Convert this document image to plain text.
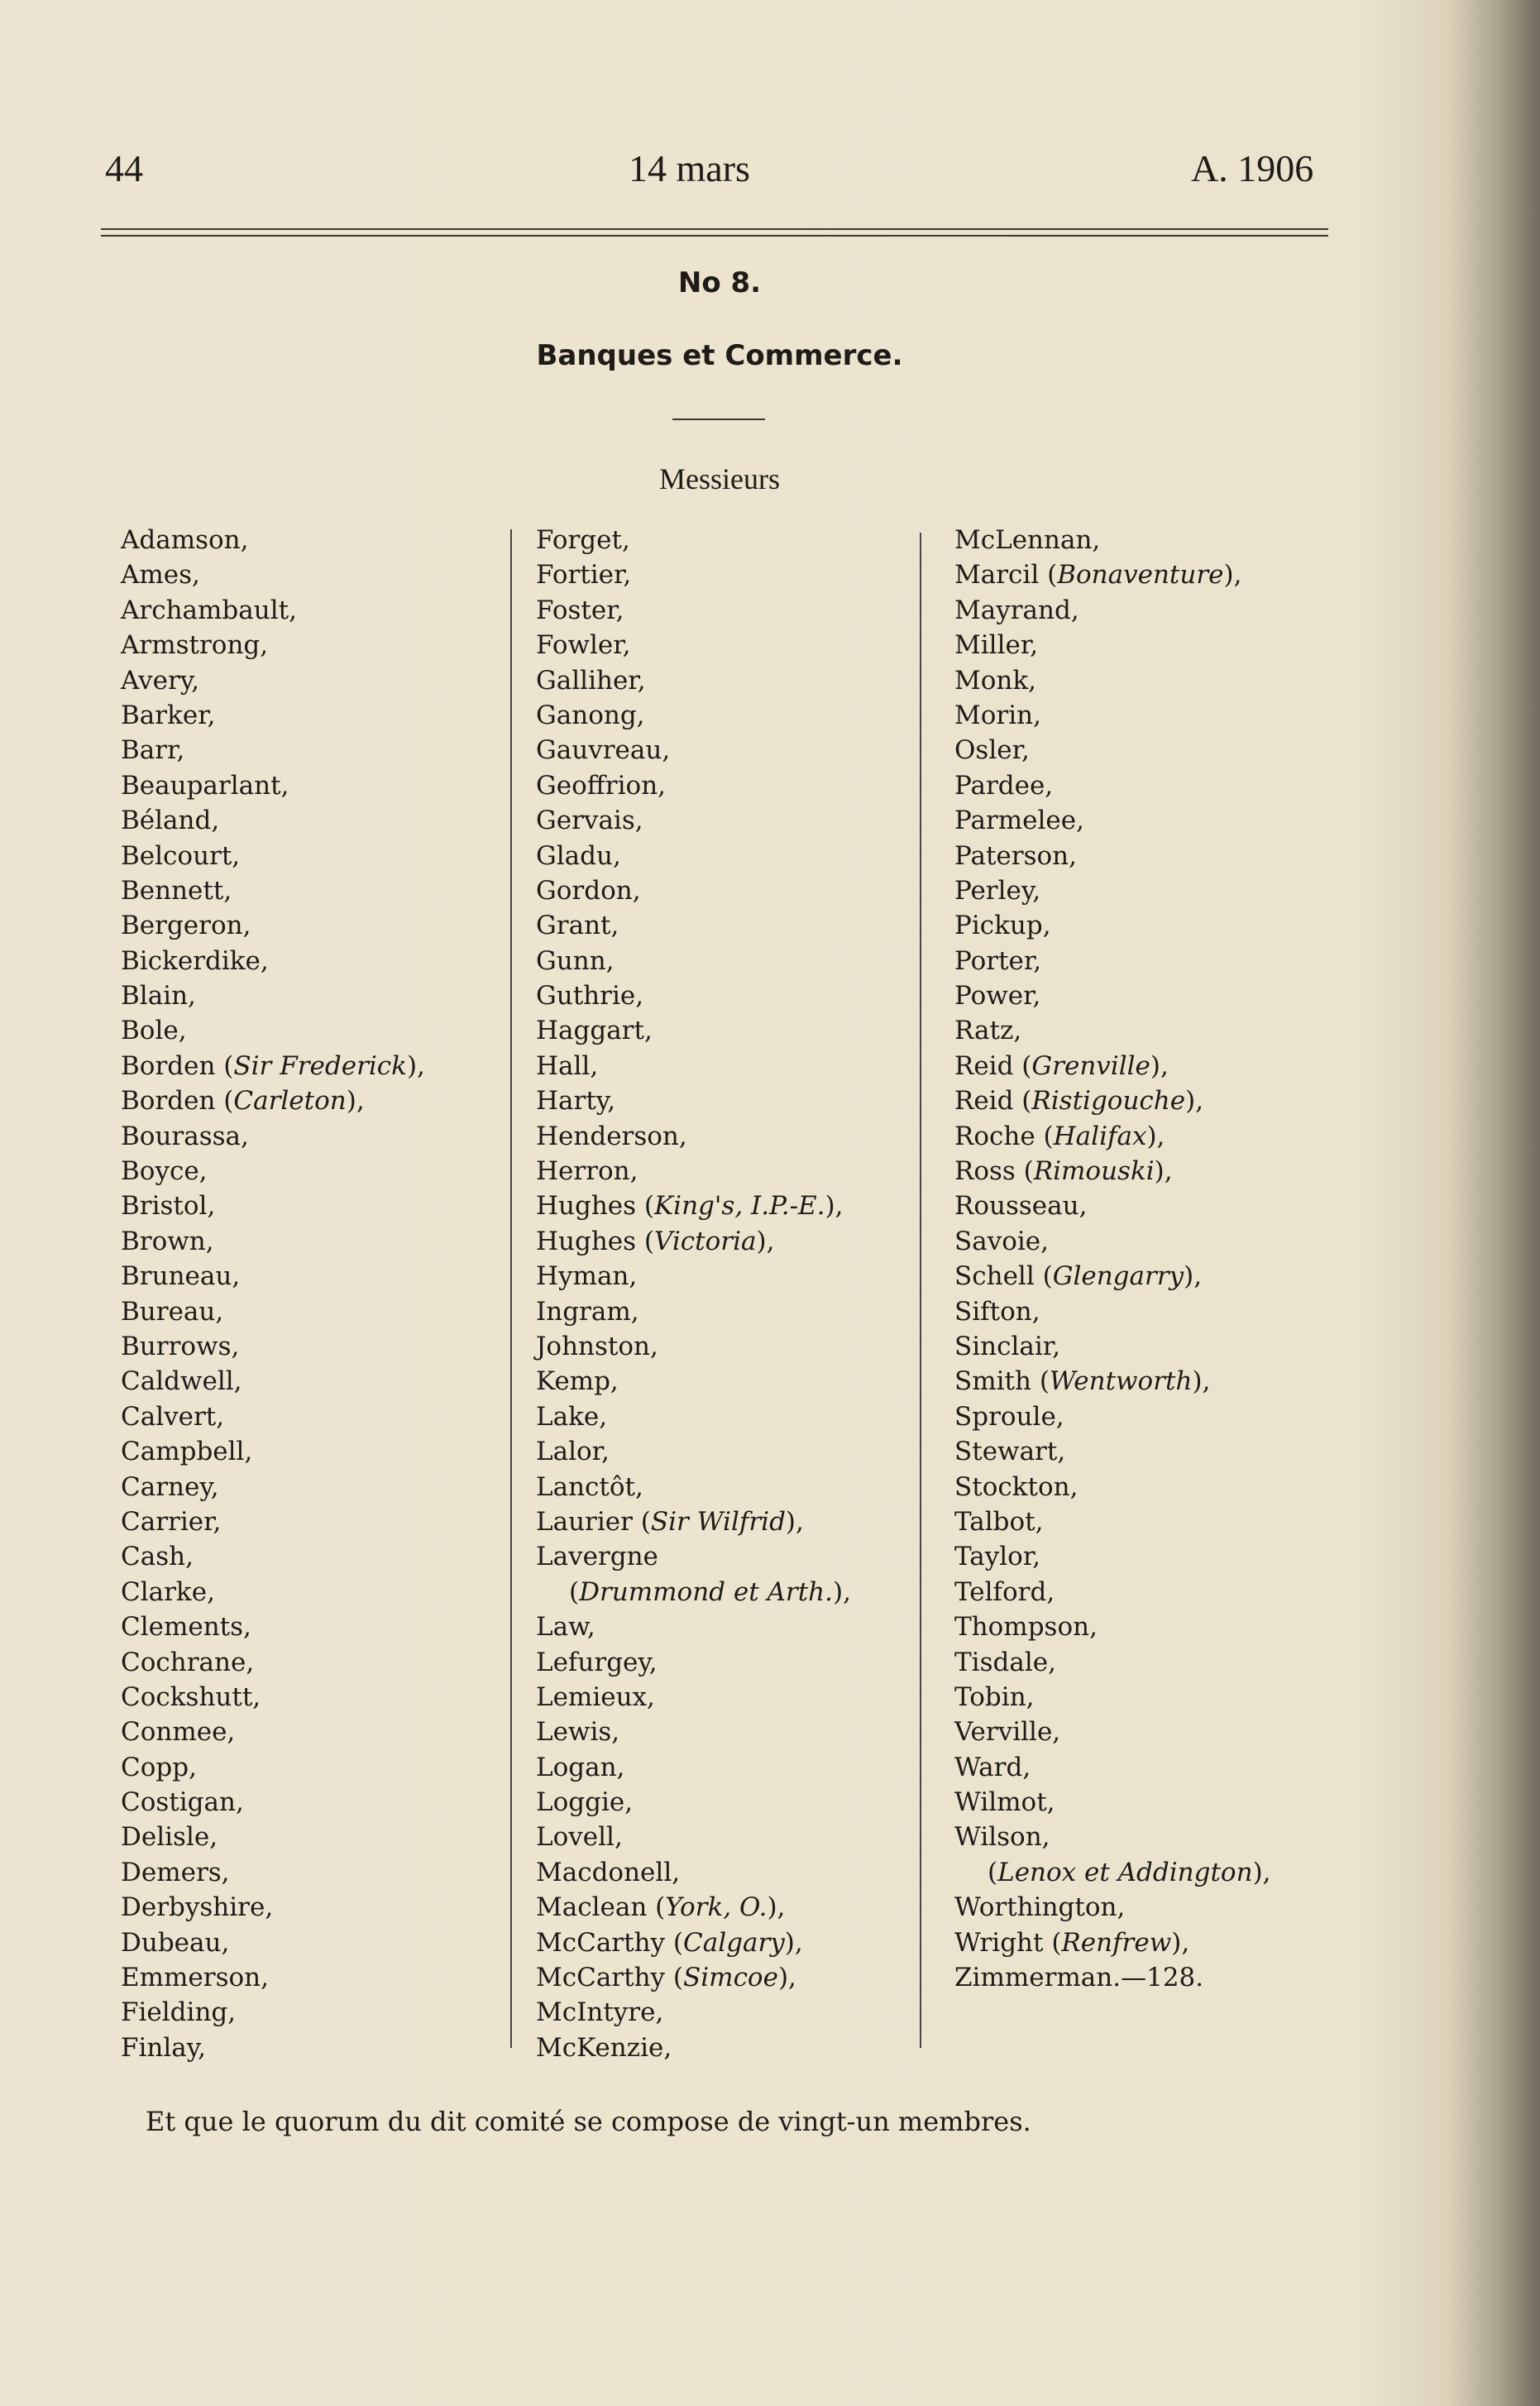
44	14 mars	A. 1906
No 8.
Banques et Commerce.
Messieurs
Adamson,
Ames,
Archambault,
Armstrong,
Avery,
Barker,
Barr,
Beauparlant,
Béland,
Belcourt,
Bennett,
Bergeron,
Bickerdike,
Blain,
Bole,
Borden (Sir Frederick),
Borden (Carleton),
Bourassa,
Boyce,
Bristol,
Brown,
Bruneau,
Bureau,
Burrows,
Caldwell,
Calvert,
Campbell,
Carney,
Carrier,
Cash,
Clarke,
Clements,
Cochrane,
Cockshutt,
Conmee,
Copp,
Costigan,
Delisle,
Demers,
Derbyshire,
Dubeau,
Emmerson,
Fielding,
Finlay,
Forget,
Fortier,
Foster,
Fowler,
Galliher,
Ganong,
Gauvreau,
Geoffrion,
Gervais,
Gladu,
Gordon,
Grant,
Gunn,
Guthrie,
Haggart,
Hall,
Harty,
Henderson,
Herron,
Hughes (King's, I.P.-E.),
Hughes (Victoria),
Hyman,
Ingram,
Johnston,
Kemp,
Lake,
Lalor,
Lanctôt,
Laurier (Sir Wilfrid),
Lavergne
(Drummond et Arth.),
Law,
Lefurgey,
Lemieux,
Lewis,
Logan,
Loggie,
Lovell,
Macdonell,
Maclean (York, O.),
McCarthy (Calgary),
McCarthy (Simcoe),
McIntyre,
McKenzie,
McLennan,
Marcil (Bonaventure),
Mayrand,
Miller,
Monk,
Morin,
Osler,
Pardee,
Parmelee,
Paterson,
Perley,
Pickup,
Porter,
Power,
Ratz,
Reid (Grenville),
Reid (Ristigouche),
Roche (Halifax),
Ross (Rimouski),
Rousseau,
Savoie,
Schell (Glengarry),
Sifton,
Sinclair,
Smith (Wentworth),
Sproule,
Stewart,
Stockton,
Talbot,
Taylor,
Telford,
Thompson,
Tisdale,
Tobin,
Verville,
Ward,
Wilmot,
Wilson,
(Lenox et Addington),
Worthington,
Wright (Renfrew),
Zimmerman.—128.
Et que le quorum du dit comité se compose de vingt-un membres.
